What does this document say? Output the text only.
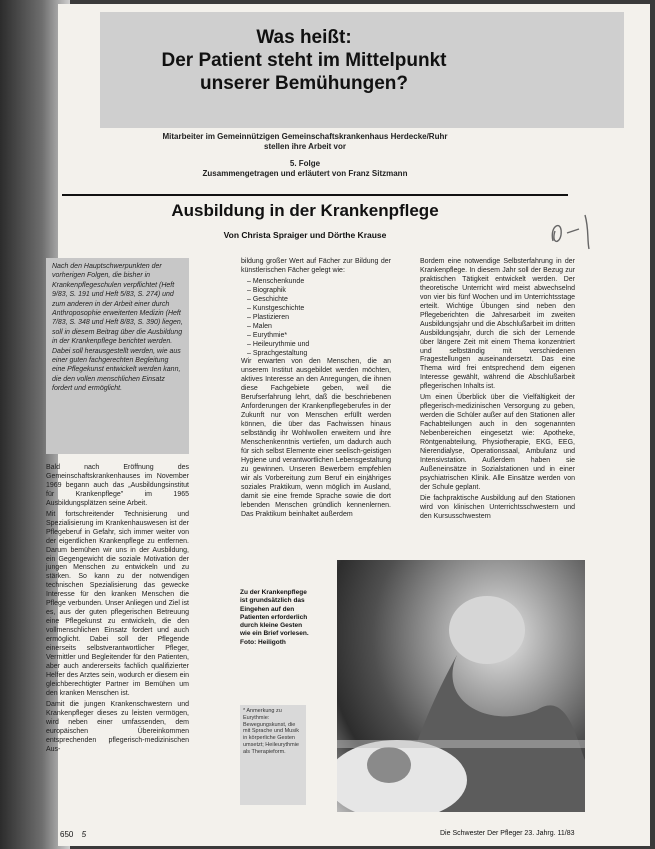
Was heißt:
Der Patient steht im Mittelpunkt
unserer Bemühungen?
Mitarbeiter im Gemeinnützigen Gemeinschaftskrankenhaus Herdecke/Ruhr
stellen ihre Arbeit vor
5. Folge
Zusammengetragen und erläutert von Franz Sitzmann
Ausbildung in der Krankenpflege
Von Christa Spraiger und Dörthe Krause
Nach den Hauptschwerpunkten der vorherigen Folgen, die bisher in Krankenpflegeschulen verpflichtet (Heft 9/83, S. 191 und Heft 5/83, S. 274) und zum anderen in der Arbeit einer durch Anthroposophie erweiterten Medizin (Heft 7/83, S. 348 und Heft 8/83, S. 390) liegen, soll in diesem Beitrag über die Ausbildung in der Krankenpflege berichtet werden. Dabei soll herausgestellt werden, wie aus einer guten fachgerechten Begleitung eine Pflegekunst entwickelt werden kann, die den vollen menschlichen Einsatz fordert und ermöglicht.

Bald nach Eröffnung des Gemeinschaftskrankenhauses im November 1969 begann auch das „Ausbildungsinstitut für Krankenpflege" im 1965 Ausbildungsplätzen seine Arbeit.

Mit fortschreitender Technisierung und Spezialisierung im Krankenhauswesen ist der Pflegeberuf in Gefahr, sich immer weiter von der eigentlichen Krankenpflege zu entfernen. Darum bemühen wir uns in der Ausbildung, ein Gegengewicht die soziale Motivation der jungen Menschen zu entwickeln und zu stärken. So kann zu der notwendigen technischen Spezialisierung das gewecke Interesse für den kranken Menschen die Pflege verbunden. Unser Anliegen und Ziel ist es, aus der guten pflegerischen Betreuung eine Pflegekunst zu entwickeln, die den vollmenschlichen Einsatz fordert und auch ermöglicht. Dabei soll der Pflegende einerseits selbstverantwortlicher Pfleger, Vermittler und Begleitender für den Patienten, aber auch andererseits fachlich qualifizierter Helfer des Arztes sein, wodurch er diesem ein gleichberechtigter Partner im Bemühen um den kranken Menschen ist.

Damit die jungen Krankenschwestern und Krankenpfleger dieses zu leisten vermögen, wird neben einer umfassenden, dem europäischen Übereinkommen entsprechenden pflegerisch-medizinischen Aus-

bildung großer Wert auf Fächer zur Bildung der künstlerischen Fächer gelegt wie:

– Menschenkunde
– Biographik
– Geschichte
– Kunstgeschichte
– Plastizieren
– Malen
– Eurythmie*
– Heileurythmie und
– Sprachgestaltung

Wir erwarten von den Menschen, die an unserem Institut ausgebildet werden möchten, aktives Interesse an den Anregungen, die ihnen diese Fachgebiete geben, weil die Berufserfahrung lehrt, daß die beschriebenen Anforderungen der Krankenpflegeberufes in der Zukunft nur von Menschen erfüllt werden können, die über das Fachwissen hinaus selbständig ihr Wohlwollen erweitern und ihre Menschenkenntnis vertiefen, um dadurch auch für sich selbst Elemente einer seelisch-geistigen Hygiene und verantwortlichen Lebensgestaltung zu gewinnen. Unseren Bewerbern empfehlen wir als Vorbereitung zum Beruf ein einjähriges soziales Praktikum, wenn möglich im Ausland, damit sie eine fremde Sprache sowie die dort lebenden Menschen gründlich kennenlernen. Das Praktikum beinhaltet außerdem

Bordem eine notwendige Selbsterfahrung in der Krankenpflege. In diesem Jahr soll der Bezug zur praktischen Tätigkeit entwickelt werden. Der theoretische Unterricht wird meist abwechselnd von vier bis fünf Wochen und im Unterrichtsstage erteilt. Wichtige Übungen sind neben den Pflegeberichten die Jahresarbeit im zweiten Ausbildungsjahr und die Abschlußarbeit im dritten Ausbildungsjahr, durch die sich der Lernende über längere Zeit mit einem Thema konzentriert und selbständig mit verschiedenen Fragestellungen auseinandersetzt. Das eine Thema wird frei entsprechend dem eigenen Interesse gewählt, während die Abschlußarbeit pflegerischen Inhalts ist.

Um einen Überblick über die Vielfältigkeit der pflegerisch-medizinischen Versorgung zu geben, werden die Schüler außer auf den Stationen aller Fachabteilungen auch in den sogenannten Nebenbereichen eingesetzt wie: Apotheke, Röntgenabteilung, Physiotherapie, EKG, EEG, Nierendialyse, Operationssaal, Ambulanz und Intensivstation. Außerdem haben sie Außeneinsätze in Sozialstationen und in einer psychiatrischen Klinik. Alle Einsätze werden von der Schule geplant.

Die fachpraktische Ausbildung auf den Stationen wird von klinischen Unterrichtsschwestern und den Kursusschwestern

Zu der Krankenpflege ist grundsätzlich das Eingehen auf den Patienten erforderlich durch kleine Gesten wie ein Brief vorlesen. Foto: Heiligoth
* Anmerkung zu Eurythmie: Bewegungskunst, die mit Sprache und Musik in körperliche Gesten umsetzt; Heileurythmie als Therapieform.
650 5	Die Schwester Der Pfleger 23. Jahrg. 11/83
